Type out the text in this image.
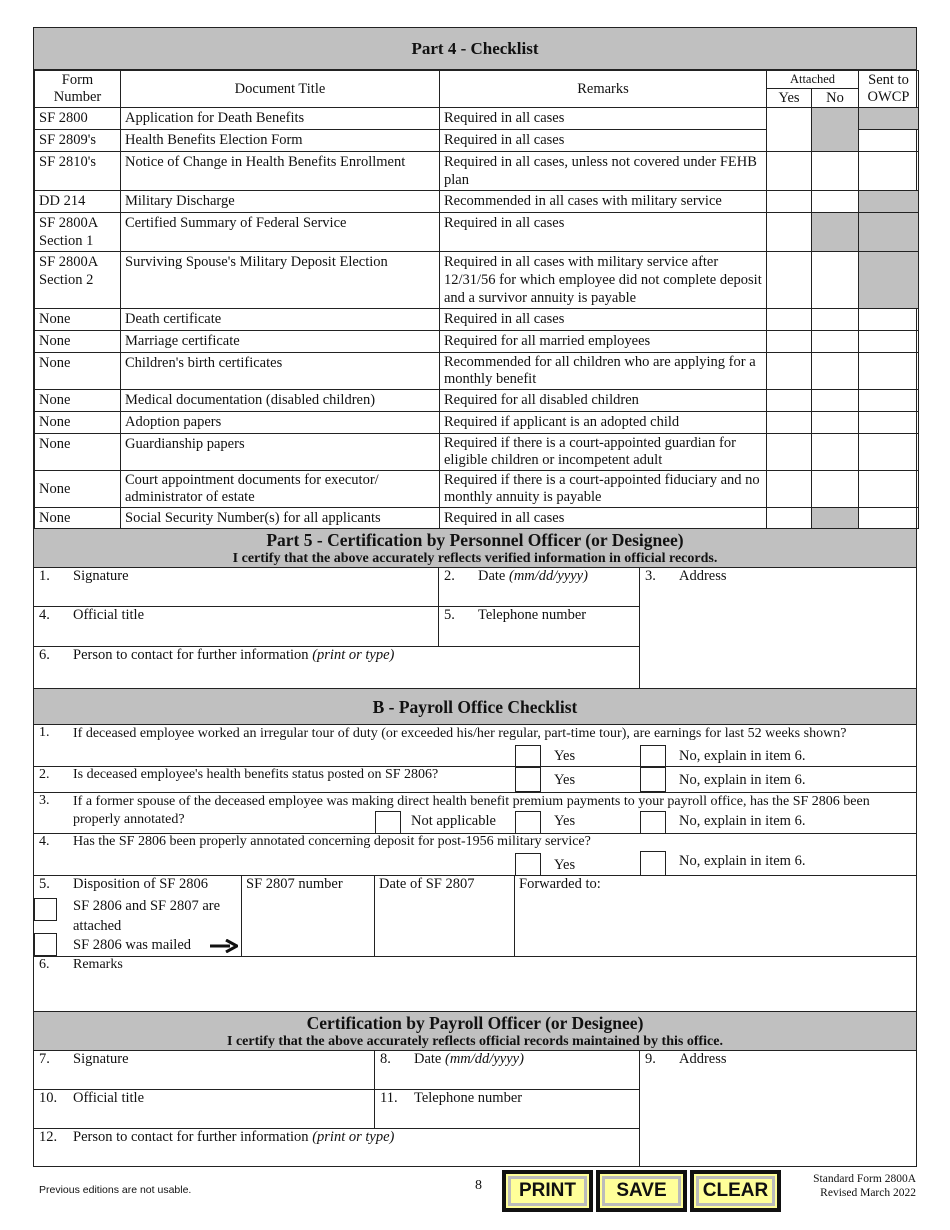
Part 4 - Checklist
Form Number	Document Title	Remarks	Attached		Sent to OWCP
			Yes	No	
SF 2800	Application for Death Benefits	Required in all cases			
SF 2809's	Health Benefits Election Form	Required in all cases			
SF 2810's	Notice of Change in Health Benefits Enrollment	Required in all cases, unless not covered under FEHB plan			
DD 214	Military Discharge	Recommended in all cases with military service			
SF 2800A Section 1	Certified Summary of Federal Service	Required in all cases			
SF 2800A Section 2	Surviving Spouse's Military Deposit Election	Required in all cases with military service after 12/31/56 for which employee did not complete deposit and a survivor annuity is payable			
None	Death certificate	Required in all cases			
None	Marriage certificate	Required for all married employees			
None	Children's birth certificates	Recommended for all children who are applying for a monthly benefit			
None	Medical documentation (disabled children)	Required for all disabled children			
None	Adoption papers	Required if applicant is an adopted child			
None	Guardianship papers	Required if there is a court-appointed guardian for eligible children or incompetent adult			
None	Court appointment documents for executor/ administrator of estate	Required if there is a court-appointed fiduciary and no monthly annuity is payable			
None	Social Security Number(s) for all applicants	Required in all cases			
Part 5 - Certification by Personnel Officer (or Designee)
I certify that the above accurately reflects verified information in official records.
1. Signature	2. Date (mm/dd/yyyy)	3. Address
4. Official title	5. Telephone number
6. Person to contact for further information (print or type)
B - Payroll Office Checklist
1. If deceased employee worked an irregular tour of duty (or exceeded his/her regular, part-time tour), are earnings for last 52 weeks shown?
Yes	No, explain in item 6.
2. Is deceased employee's health benefits status posted on SF 2806?	Yes	No, explain in item 6.
3. If a former spouse of the deceased employee was making direct health benefit premium payments to your payroll office, has the SF 2806 been properly annotated?	Not applicable	Yes	No, explain in item 6.
4. Has the SF 2806 been properly annotated concerning deposit for post-1956 military service?
Yes	No, explain in item 6.
5. Disposition of SF 2806
SF 2806 and SF 2807 are attached
SF 2806 was mailed
SF 2807 number	Date of SF 2807	Forwarded to:
6. Remarks
Certification by Payroll Officer (or Designee)
I certify that the above accurately reflects official records maintained by this office.
7. Signature	8. Date (mm/dd/yyyy)	9. Address
10. Official title	11. Telephone number
12. Person to contact for further information (print or type)
Previous editions are not usable.	8	PRINT	SAVE	CLEAR
Standard Form 2800A
Revised March 2022
